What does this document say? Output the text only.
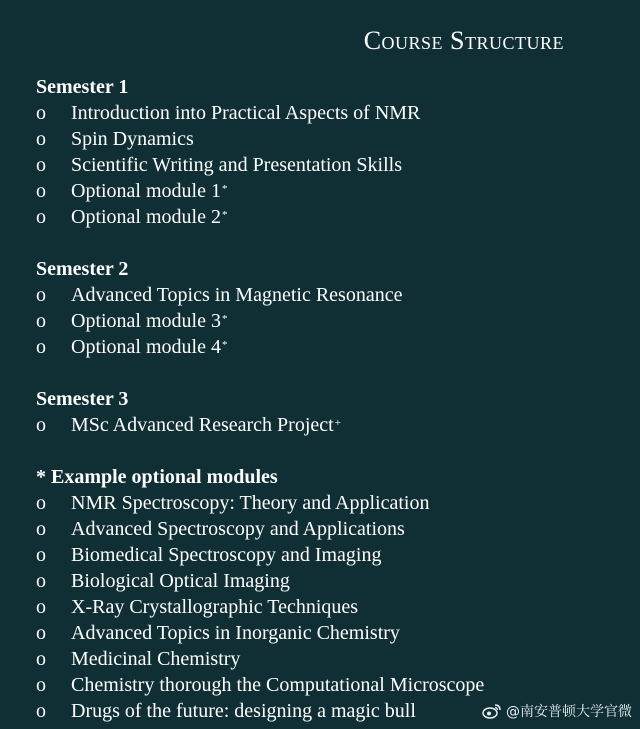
Course Structure
Semester 1
o Introduction into Practical Aspects of NMR
o Spin Dynamics
o Scientific Writing and Presentation Skills
o Optional module 1*
o Optional module 2*
Semester 2
o Advanced Topics in Magnetic Resonance
o Optional module 3*
o Optional module 4*
Semester 3
o MSc Advanced Research Project+
* Example optional modules
o NMR Spectroscopy: Theory and Application
o Advanced Spectroscopy and Applications
o Biomedical Spectroscopy and Imaging
o Biological Optical Imaging
o X-Ray Crystallographic Techniques
o Advanced Topics in Inorganic Chemistry
o Medicinal Chemistry
o Chemistry thorough the Computational Microscope
o Drugs of the future: designing a magic bull	@南安普顿大学官微
